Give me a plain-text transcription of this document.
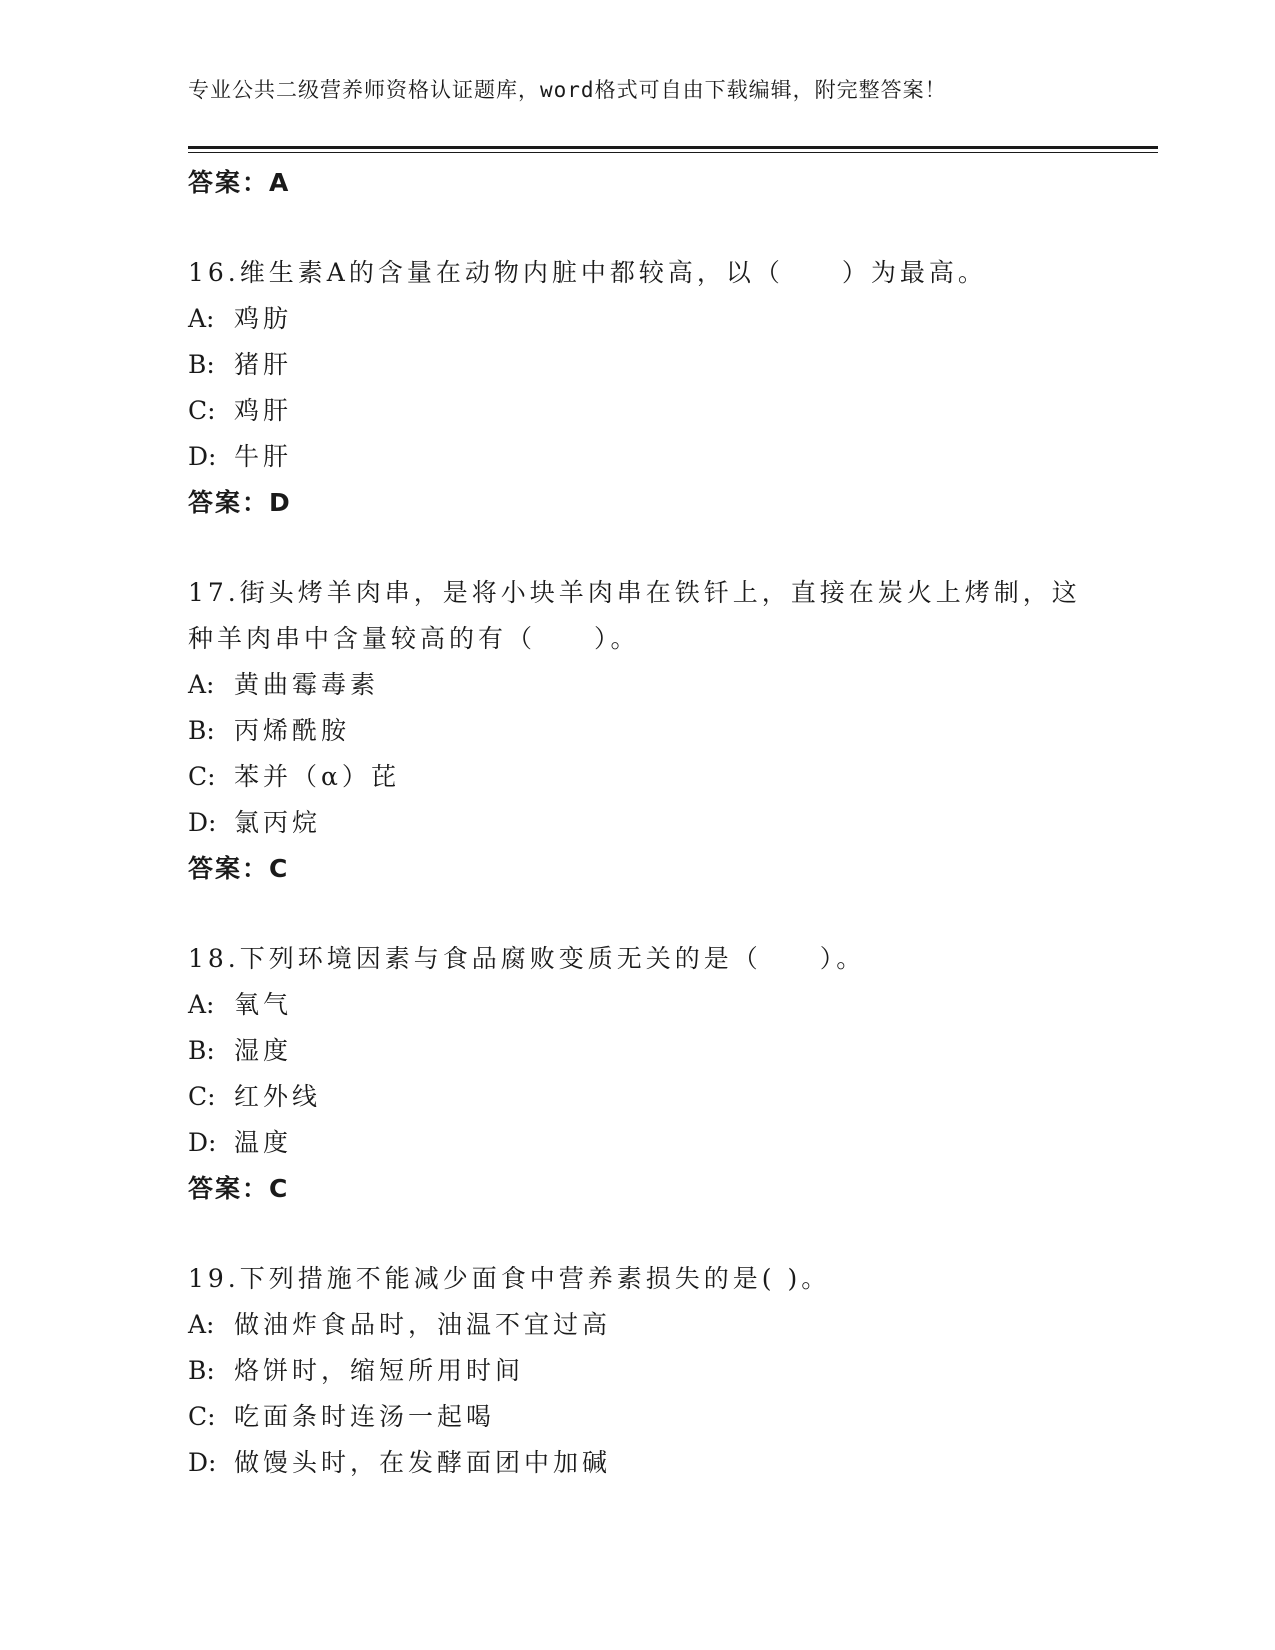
专业公共二级营养师资格认证题库，word格式可自由下载编辑，附完整答案！
答案：A
16.维生素A的含量在动物内脏中都较高，以（　　）为最高。
A: 鸡肪
B: 猪肝
C: 鸡肝
D: 牛肝
答案：D
17.街头烤羊肉串，是将小块羊肉串在铁钎上，直接在炭火上烤制，这
种羊肉串中含量较高的有（　　）。
A: 黄曲霉毒素
B: 丙烯酰胺
C: 苯并（α）芘
D: 氯丙烷
答案：C
18.下列环境因素与食品腐败变质无关的是（　　）。
A: 氧气
B: 湿度
C: 红外线
D: 温度
答案：C
19.下列措施不能减少面食中营养素损失的是( )。
A: 做油炸食品时，油温不宜过高
B: 烙饼时，缩短所用时间
C: 吃面条时连汤一起喝
D: 做馒头时，在发酵面团中加碱
